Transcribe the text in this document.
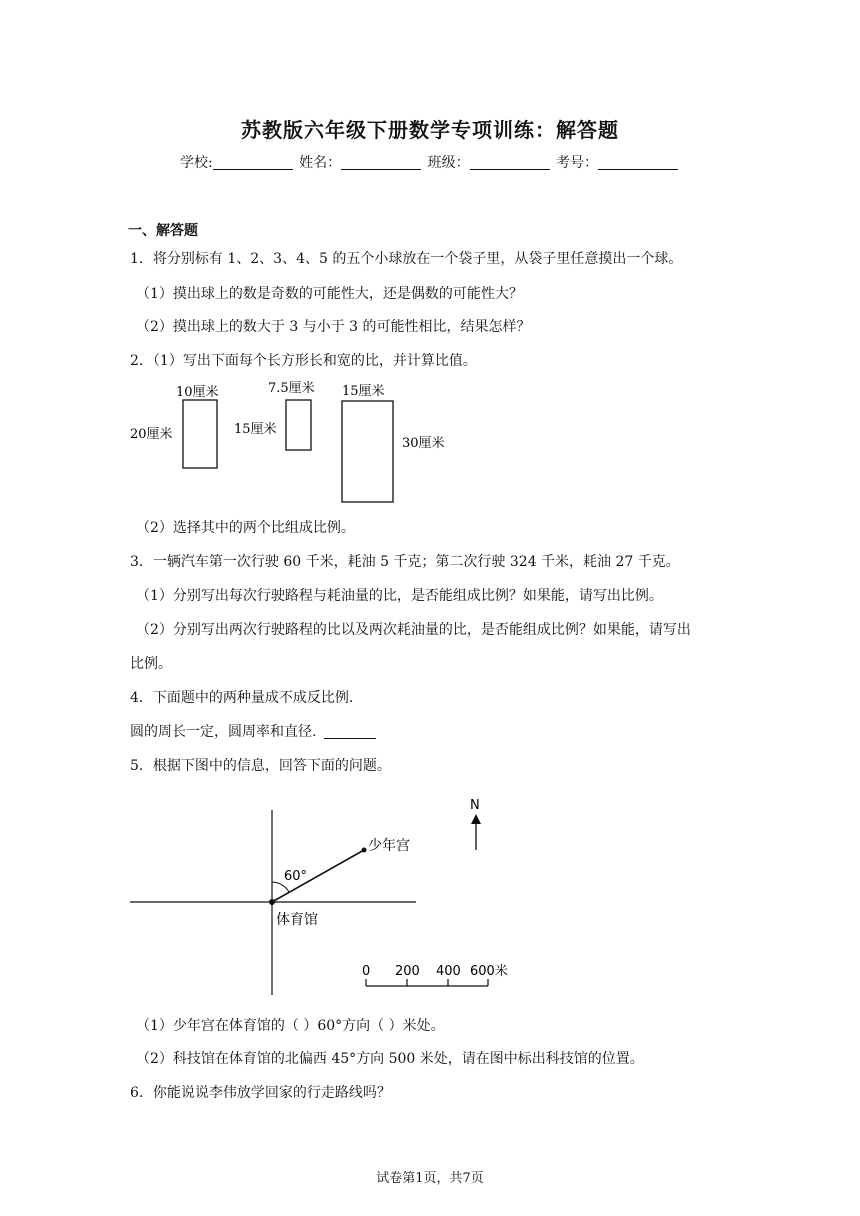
苏教版六年级下册数学专项训练：解答题
学校:	姓名：	班级：	考号：
一、解答题
1．将分别标有 1、2、3、4、5 的五个小球放在一个袋子里，从袋子里任意摸出一个球。
（1）摸出球上的数是奇数的可能性大，还是偶数的可能性大？
（2）摸出球上的数大于 3 与小于 3 的可能性相比，结果怎样？
2．（1）写出下面每个长方形长和宽的比，并计算比值。
10厘米
20厘米
7.5厘米
15厘米
15厘米
30厘米
（2）选择其中的两个比组成比例。
3．一辆汽车第一次行驶 60 千米，耗油 5 千克；第二次行驶 324 千米，耗油 27 千克。
（1）分别写出每次行驶路程与耗油量的比，是否能组成比例？如果能，请写出比例。
（2）分别写出两次行驶路程的比以及两次耗油量的比，是否能组成比例？如果能，请写出
比例。
4．下面题中的两种量成不成反比例.
圆的周长一定，圆周率和直径.
5．根据下图中的信息，回答下面的问题。
60°
少年宫
体育馆
N
0 200 400 600米
（1）少年宫在体育馆的（ ）60°方向（ ）米处。
（2）科技馆在体育馆的北偏西 45°方向 500 米处，请在图中标出科技馆的位置。
6．你能说说李伟放学回家的行走路线吗？
试卷第1页，共7页
